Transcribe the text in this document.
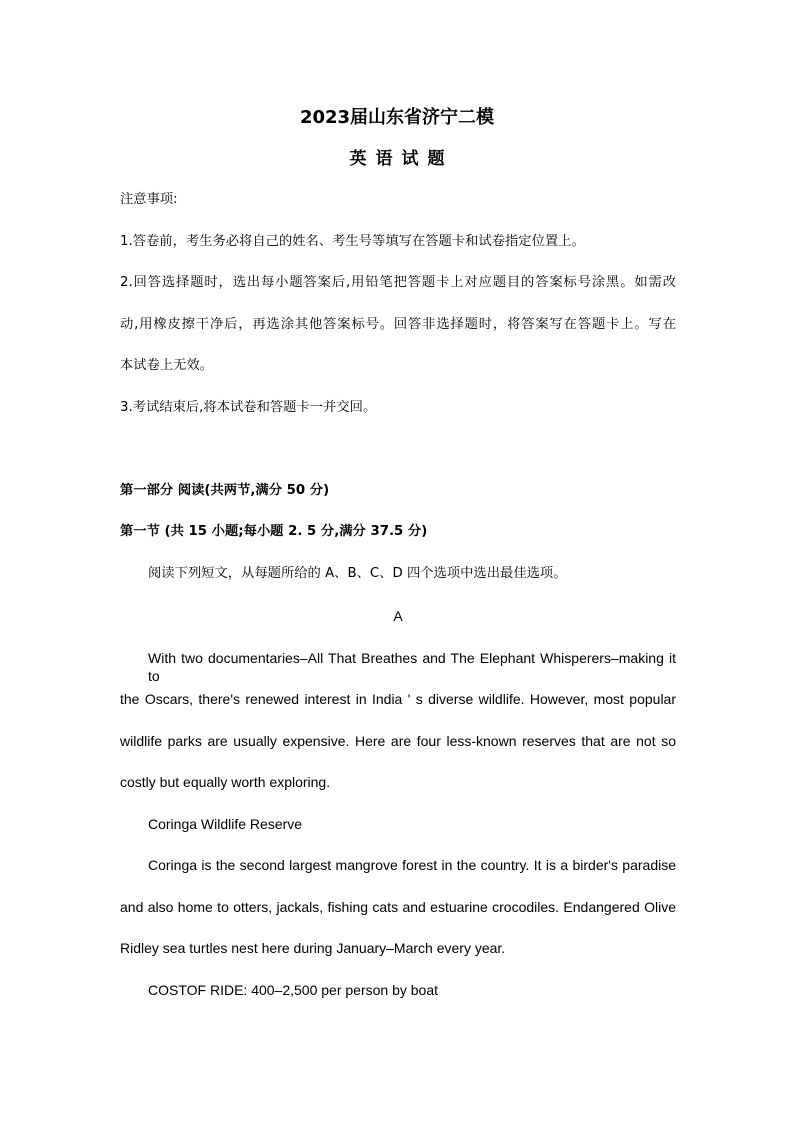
2023届山东省济宁二模
英语试题
注意事项:
1.答卷前，考生务必将自己的姓名、考生号等填写在答题卡和试卷指定位置上。
2.回答选择题时，选出每小题答案后,用铅笔把答题卡上对应题目的答案标号涂黑。如需改
动,用橡皮擦干净后，再选涂其他答案标号。回答非选择题时，将答案写在答题卡上。写在
本试卷上无效。
3.考试结束后,将本试卷和答题卡一并交回。
第一部分 阅读(共两节,满分 50 分)
第一节 (共 15 小题;每小题 2. 5 分,满分 37.5 分)
阅读下列短文，从每题所给的 A、B、C、D 四个选项中选出最佳选项。
A
With two documentaries–All That Breathes and The Elephant Whisperers–making it to
the Oscars, there's renewed interest in India ' s diverse wildlife. However, most popular
wildlife parks are usually expensive. Here are four less-known reserves that are not so
costly but equally worth exploring.
Coringa Wildlife Reserve
Coringa is the second largest mangrove forest in the country. It is a birder's paradise
and also home to otters, jackals, fishing cats and estuarine crocodiles. Endangered Olive
Ridley sea turtles nest here during January–March every year.
COSTOF RIDE: 400–2,500 per person by boat
